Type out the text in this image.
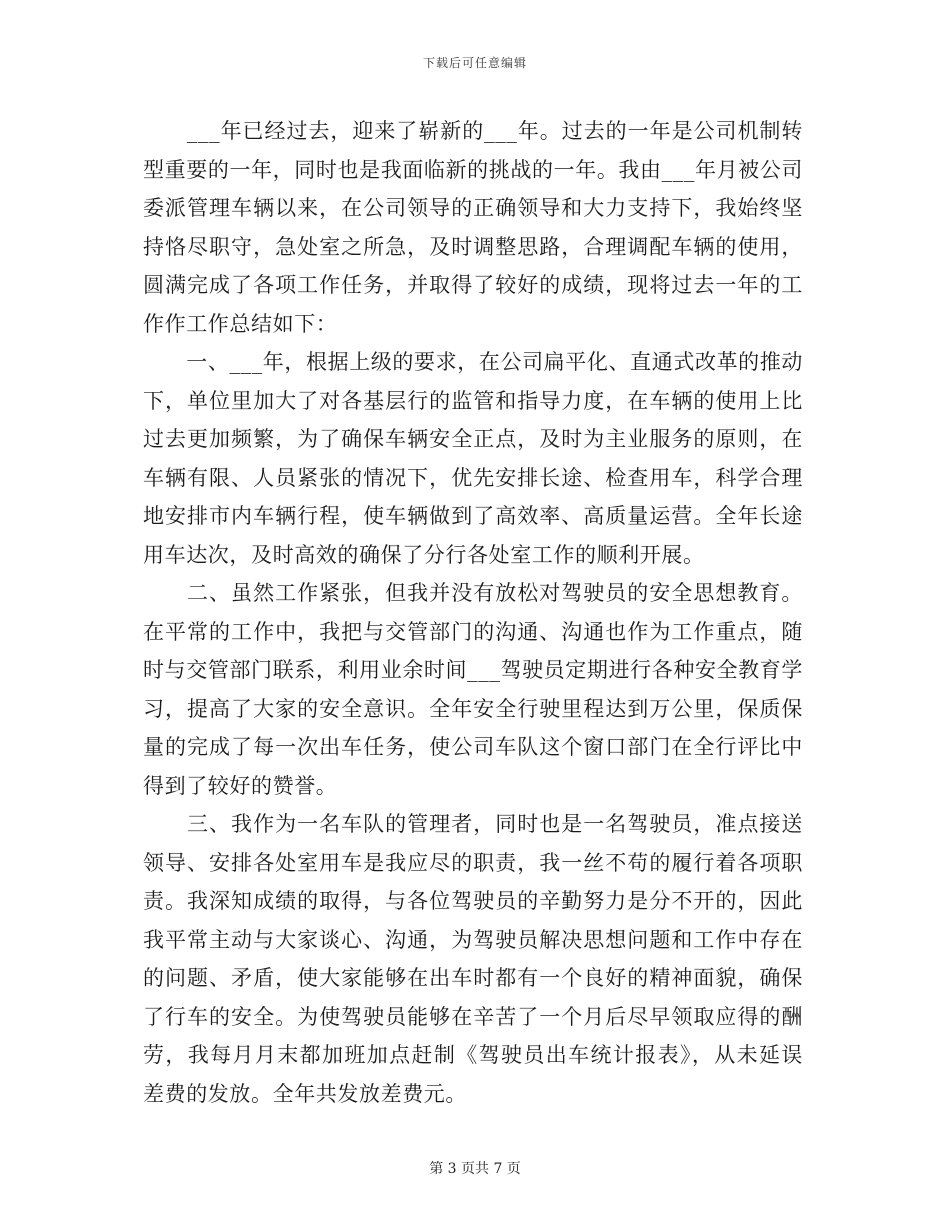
下载后可任意编辑

　　___年已经过去，迎来了崭新的___年。过去的一年是公司机制转
型重要的一年，同时也是我面临新的挑战的一年。我由___年月被公司
委派管理车辆以来，在公司领导的正确领导和大力支持下，我始终坚
持恪尽职守，急处室之所急，及时调整思路，合理调配车辆的使用，
圆满完成了各项工作任务，并取得了较好的成绩，现将过去一年的工
作作工作总结如下：

　　一、___年，根据上级的要求，在公司扁平化、直通式改革的推动
下，单位里加大了对各基层行的监管和指导力度，在车辆的使用上比
过去更加频繁，为了确保车辆安全正点，及时为主业服务的原则，在
车辆有限、人员紧张的情况下，优先安排长途、检查用车，科学合理
地安排市内车辆行程，使车辆做到了高效率、高质量运营。全年长途
用车达次，及时高效的确保了分行各处室工作的顺利开展。

　　二、虽然工作紧张，但我并没有放松对驾驶员的安全思想教育。
在平常的工作中，我把与交管部门的沟通、沟通也作为工作重点，随
时与交管部门联系，利用业余时间___驾驶员定期进行各种安全教育学
习，提高了大家的安全意识。全年安全行驶里程达到万公里，保质保
量的完成了每一次出车任务，使公司车队这个窗口部门在全行评比中
得到了较好的赞誉。

　　三、我作为一名车队的管理者，同时也是一名驾驶员，准点接送
领导、安排各处室用车是我应尽的职责，我一丝不苟的履行着各项职
责。我深知成绩的取得，与各位驾驶员的辛勤努力是分不开的，因此
我平常主动与大家谈心、沟通，为驾驶员解决思想问题和工作中存在
的问题、矛盾，使大家能够在出车时都有一个良好的精神面貌，确保
了行车的安全。为使驾驶员能够在辛苦了一个月后尽早领取应得的酬
劳，我每月月末都加班加点赶制《驾驶员出车统计报表》，从未延误
差费的发放。全年共发放差费元。

第 3 页共 7 页
